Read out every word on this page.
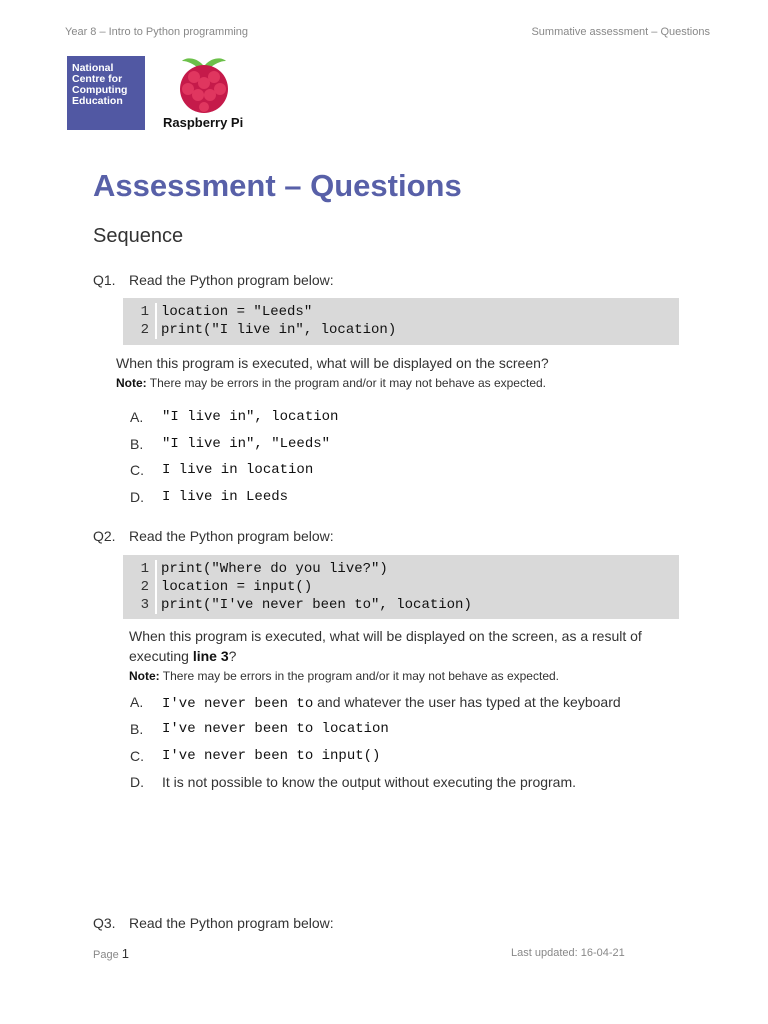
Year 8 – Intro to Python programming	Summative assessment – Questions
National
Centre for
Computing
Education
Raspberry Pi
Assessment – Questions
Sequence
Q1. Read the Python program below:
1 location = "Leeds"
2 print("I live in", location)
When this program is executed, what will be displayed on the screen?
Note: There may be errors in the program and/or it may not behave as expected.
A. "I live in", location
B. "I live in", "Leeds"
C. I live in location
D. I live in Leeds
Q2. Read the Python program below:
1 print("Where do you live?")
2 location = input()
3 print("I've never been to", location)
When this program is executed, what will be displayed on the screen, as a result of
executing line 3?
Note: There may be errors in the program and/or it may not behave as expected.
A. I've never been to and whatever the user has typed at the keyboard
B. I've never been to location
C. I've never been to input()
D. It is not possible to know the output without executing the program.
Q3. Read the Python program below:
Page 1	Last updated: 16-04-21
